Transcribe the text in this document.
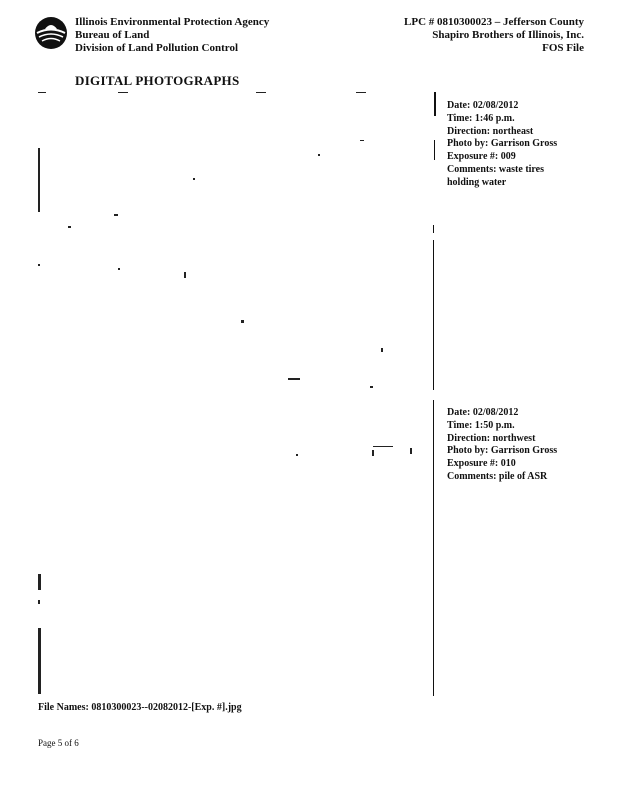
Illinois Environmental Protection Agency
Bureau of Land
Division of Land Pollution Control
LPC # 0810300023 – Jefferson County
Shapiro Brothers of Illinois, Inc.
FOS File
DIGITAL PHOTOGRAPHS
Date: 02/08/2012
Time: 1:46 p.m.
Direction: northeast
Photo by: Garrison Gross
Exposure #: 009
Comments: waste tires
holding water
Date: 02/08/2012
Time: 1:50 p.m.
Direction: northwest
Photo by: Garrison Gross
Exposure #: 010
Comments: pile of ASR
File Names: 0810300023--02082012-[Exp. #].jpg
Page 5 of 6
